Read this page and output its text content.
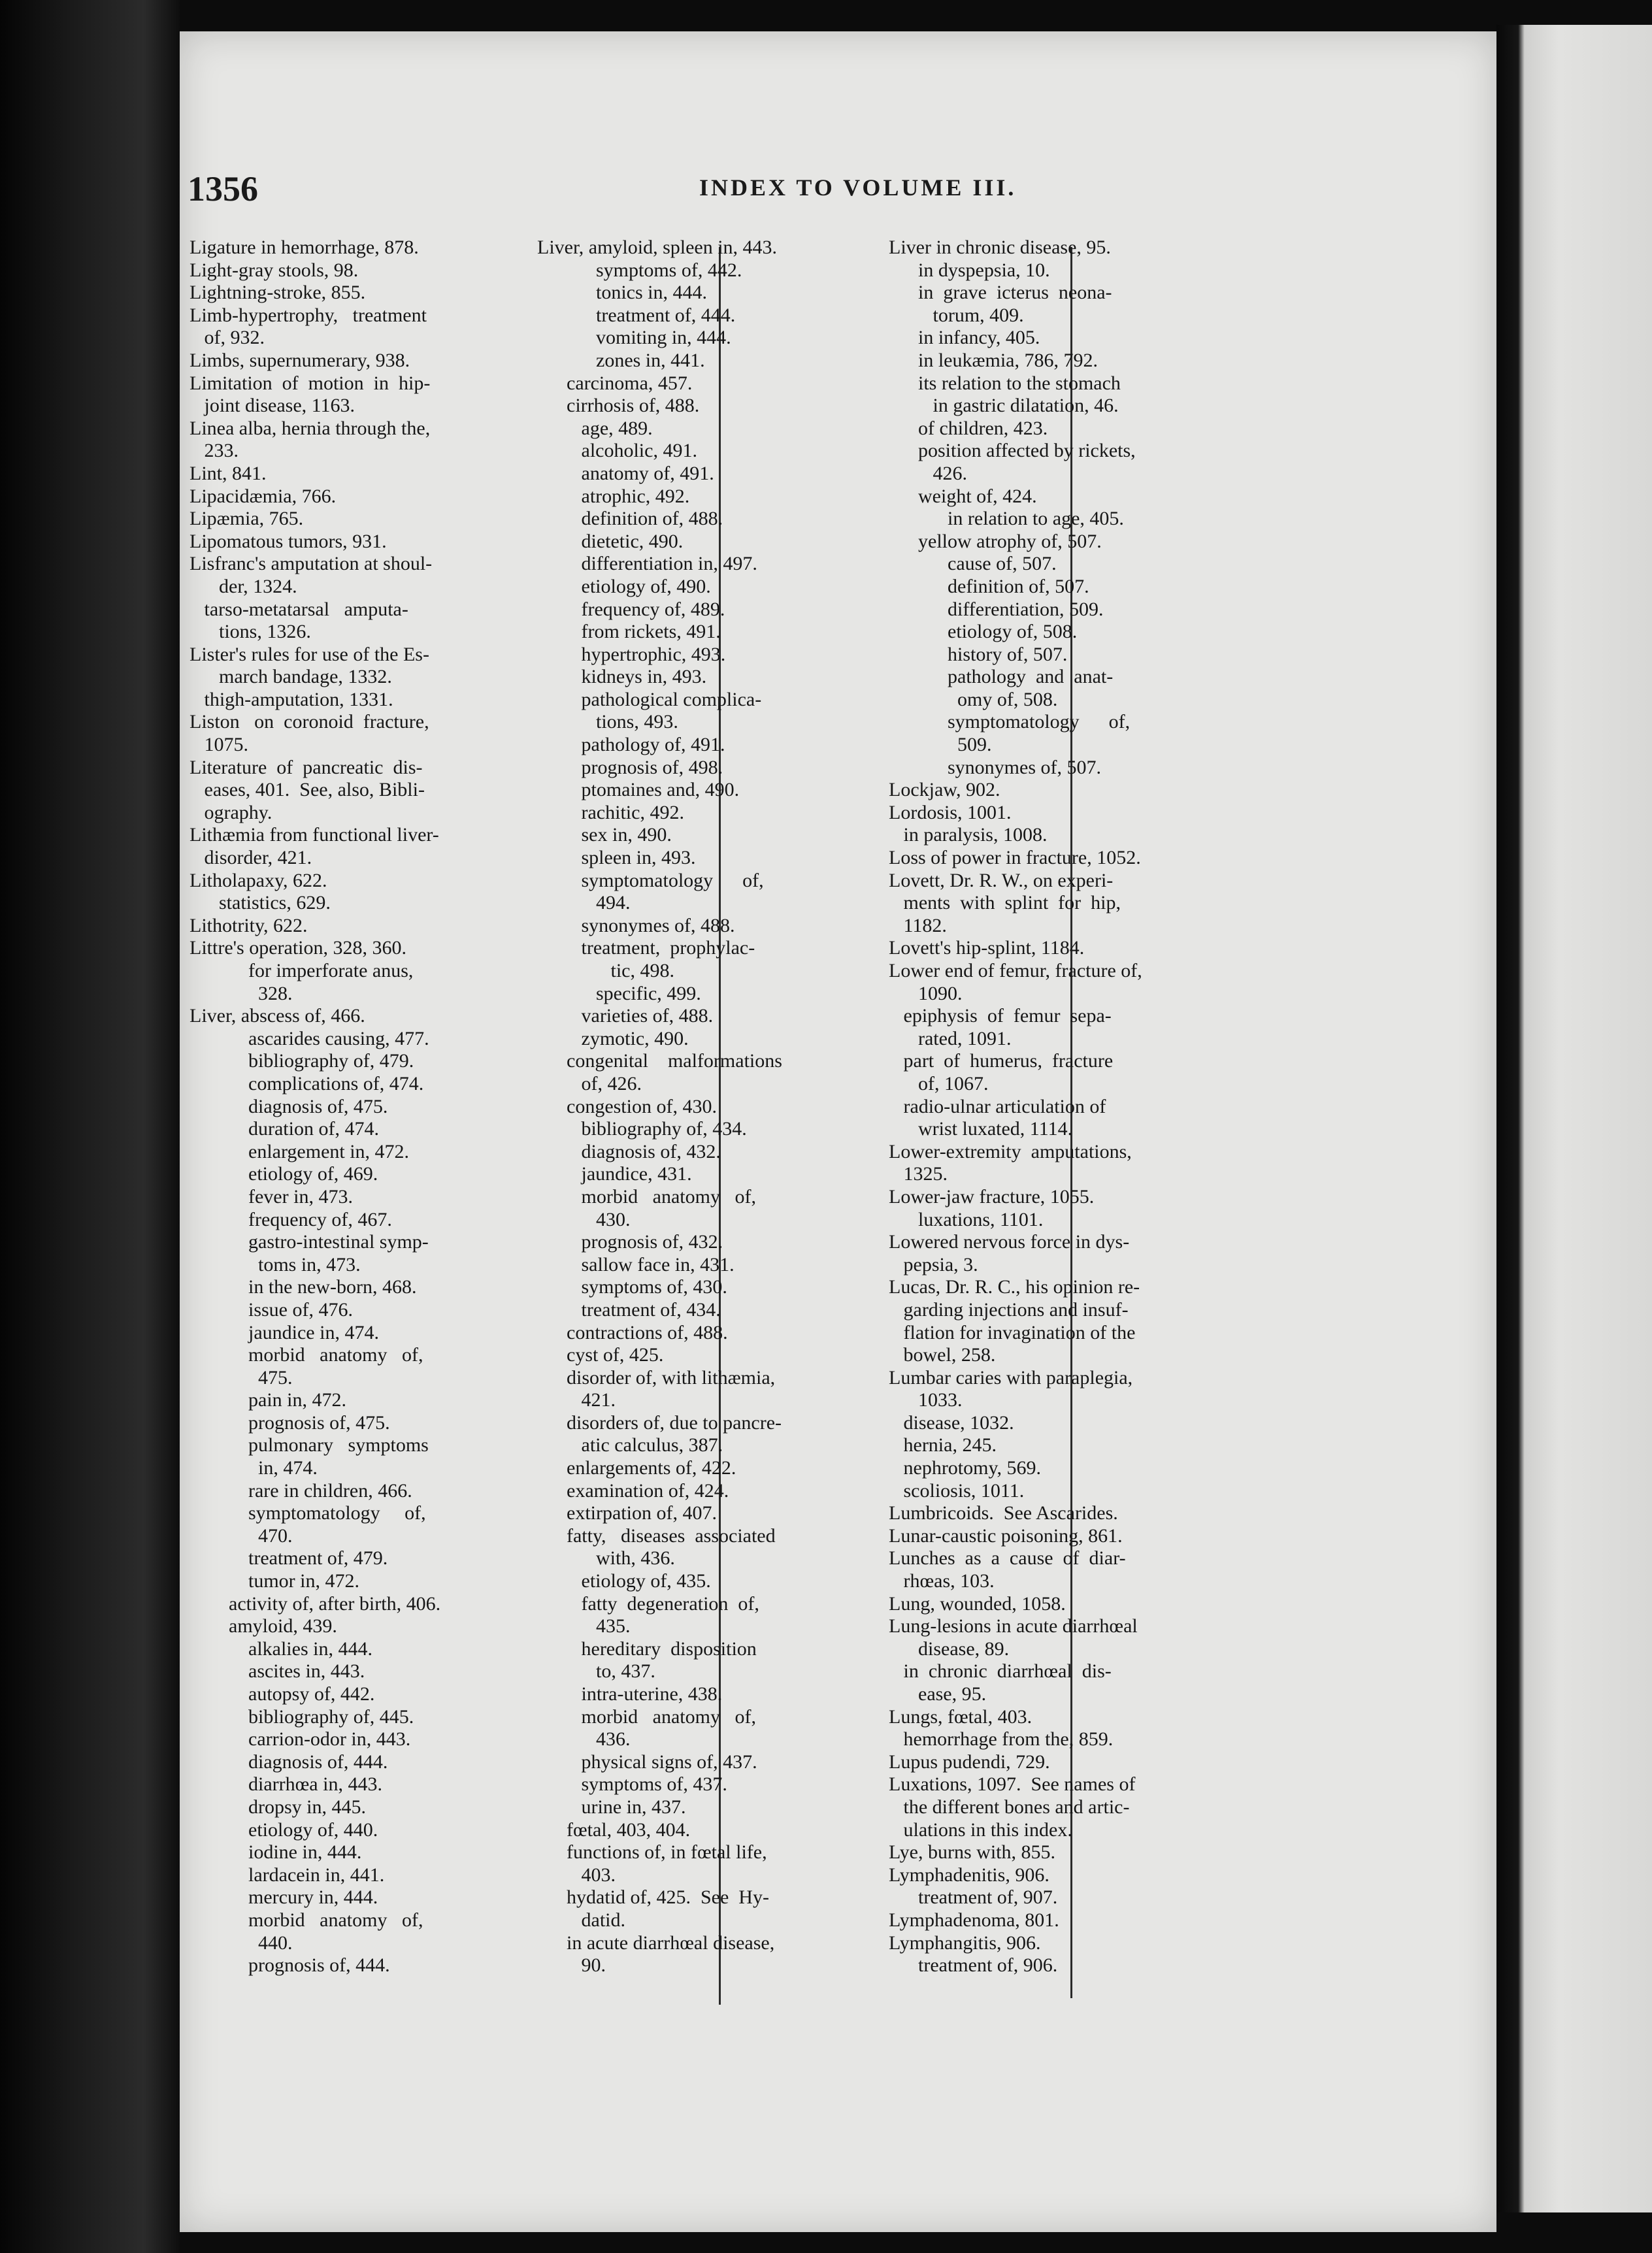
1356	INDEX TO VOLUME III.
Ligature in hemorrhage, 878.
Light-gray stools, 98.
Lightning-stroke, 855.
Limb-hypertrophy,   treatment
of, 932.
Limbs, supernumerary, 938.
Limitation  of  motion  in  hip-
joint disease, 1163.
Linea alba, hernia through the,
233.
Lint, 841.
Lipacidæmia, 766.
Lipæmia, 765.
Lipomatous tumors, 931.
Lisfranc's amputation at shoul-
der, 1324.
tarso-metatarsal   amputa-
tions, 1326.
Lister's rules for use of the Es-
march bandage, 1332.
thigh-amputation, 1331.
Liston   on  coronoid  fracture,
1075.
Literature  of  pancreatic  dis-
eases, 401.  See, also, Bibli-
ography.
Lithæmia from functional liver-
disorder, 421.
Litholapaxy, 622.
statistics, 629.
Lithotrity, 622.
Littre's operation, 328, 360.
for imperforate anus,
328.
Liver, abscess of, 466.
ascarides causing, 477.
bibliography of, 479.
complications of, 474.
diagnosis of, 475.
duration of, 474.
enlargement in, 472.
etiology of, 469.
fever in, 473.
frequency of, 467.
gastro-intestinal symp-
toms in, 473.
in the new-born, 468.
issue of, 476.
jaundice in, 474.
morbid   anatomy   of,
475.
pain in, 472.
prognosis of, 475.
pulmonary   symptoms
in, 474.
rare in children, 466.
symptomatology     of,
470.
treatment of, 479.
tumor in, 472.
activity of, after birth, 406.
amyloid, 439.
alkalies in, 444.
ascites in, 443.
autopsy of, 442.
bibliography of, 445.
carrion-odor in, 443.
diagnosis of, 444.
diarrhœa in, 443.
dropsy in, 445.
etiology of, 440.
iodine in, 444.
lardacein in, 441.
mercury in, 444.
morbid   anatomy   of,
440.
prognosis of, 444.
Liver, amyloid, spleen in, 443.
symptoms of, 442.
tonics in, 444.
treatment of, 444.
vomiting in, 444.
zones in, 441.
carcinoma, 457.
cirrhosis of, 488.
age, 489.
alcoholic, 491.
anatomy of, 491.
atrophic, 492.
definition of, 488.
dietetic, 490.
differentiation in, 497.
etiology of, 490.
frequency of, 489.
from rickets, 491.
hypertrophic, 493.
kidneys in, 493.
pathological complica-
tions, 493.
pathology of, 491.
prognosis of, 498.
ptomaines and, 490.
rachitic, 492.
sex in, 490.
spleen in, 493.
symptomatology      of,
494.
synonymes of, 488.
treatment,  prophylac-
tic, 498.
specific, 499.
varieties of, 488.
zymotic, 490.
congenital    malformations
of, 426.
congestion of, 430.
bibliography of, 434.
diagnosis of, 432.
jaundice, 431.
morbid   anatomy   of,
430.
prognosis of, 432.
sallow face in, 431.
symptoms of, 430.
treatment of, 434.
contractions of, 488.
cyst of, 425.
disorder of, with lithæmia,
421.
disorders of, due to pancre-
atic calculus, 387.
enlargements of, 422.
examination of, 424.
extirpation of, 407.
fatty,   diseases  associated
with, 436.
etiology of, 435.
fatty  degeneration  of,
435.
hereditary  disposition
to, 437.
intra-uterine, 438.
morbid   anatomy   of,
436.
physical signs of, 437.
symptoms of, 437.
urine in, 437.
fœtal, 403, 404.
functions of, in fœtal life,
403.
hydatid of, 425.  See  Hy-
datid.
in acute diarrhœal disease,
90.
Liver in chronic disease, 95.
in dyspepsia, 10.
in  grave  icterus  neona-
torum, 409.
in infancy, 405.
in leukæmia, 786, 792.
its relation to the stomach
in gastric dilatation, 46.
of children, 423.
position affected by rickets,
426.
weight of, 424.
in relation to age, 405.
yellow atrophy of, 507.
cause of, 507.
definition of, 507.
differentiation, 509.
etiology of, 508.
history of, 507.
pathology  and  anat-
omy of, 508.
symptomatology      of,
509.
synonymes of, 507.
Lockjaw, 902.
Lordosis, 1001.
in paralysis, 1008.
Loss of power in fracture, 1052.
Lovett, Dr. R. W., on experi-
ments  with  splint  for  hip,
1182.
Lovett's hip-splint, 1184.
Lower end of femur, fracture of,
1090.
epiphysis  of  femur  sepa-
rated, 1091.
part  of  humerus,  fracture
of, 1067.
radio-ulnar articulation of
wrist luxated, 1114.
Lower-extremity  amputations,
1325.
Lower-jaw fracture, 1055.
luxations, 1101.
Lowered nervous force in dys-
pepsia, 3.
Lucas, Dr. R. C., his opinion re-
garding injections and insuf-
flation for invagination of the
bowel, 258.
Lumbar caries with paraplegia,
1033.
disease, 1032.
hernia, 245.
nephrotomy, 569.
scoliosis, 1011.
Lumbricoids.  See Ascarides.
Lunar-caustic poisoning, 861.
Lunches  as  a  cause  of  diar-
rhœas, 103.
Lung, wounded, 1058.
Lung-lesions in acute diarrhœal
disease, 89.
in  chronic  diarrhœal  dis-
ease, 95.
Lungs, fœtal, 403.
hemorrhage from the, 859.
Lupus pudendi, 729.
Luxations, 1097.  See names of
the different bones and artic-
ulations in this index.
Lye, burns with, 855.
Lymphadenitis, 906.
treatment of, 907.
Lymphadenoma, 801.
Lymphangitis, 906.
treatment of, 906.
